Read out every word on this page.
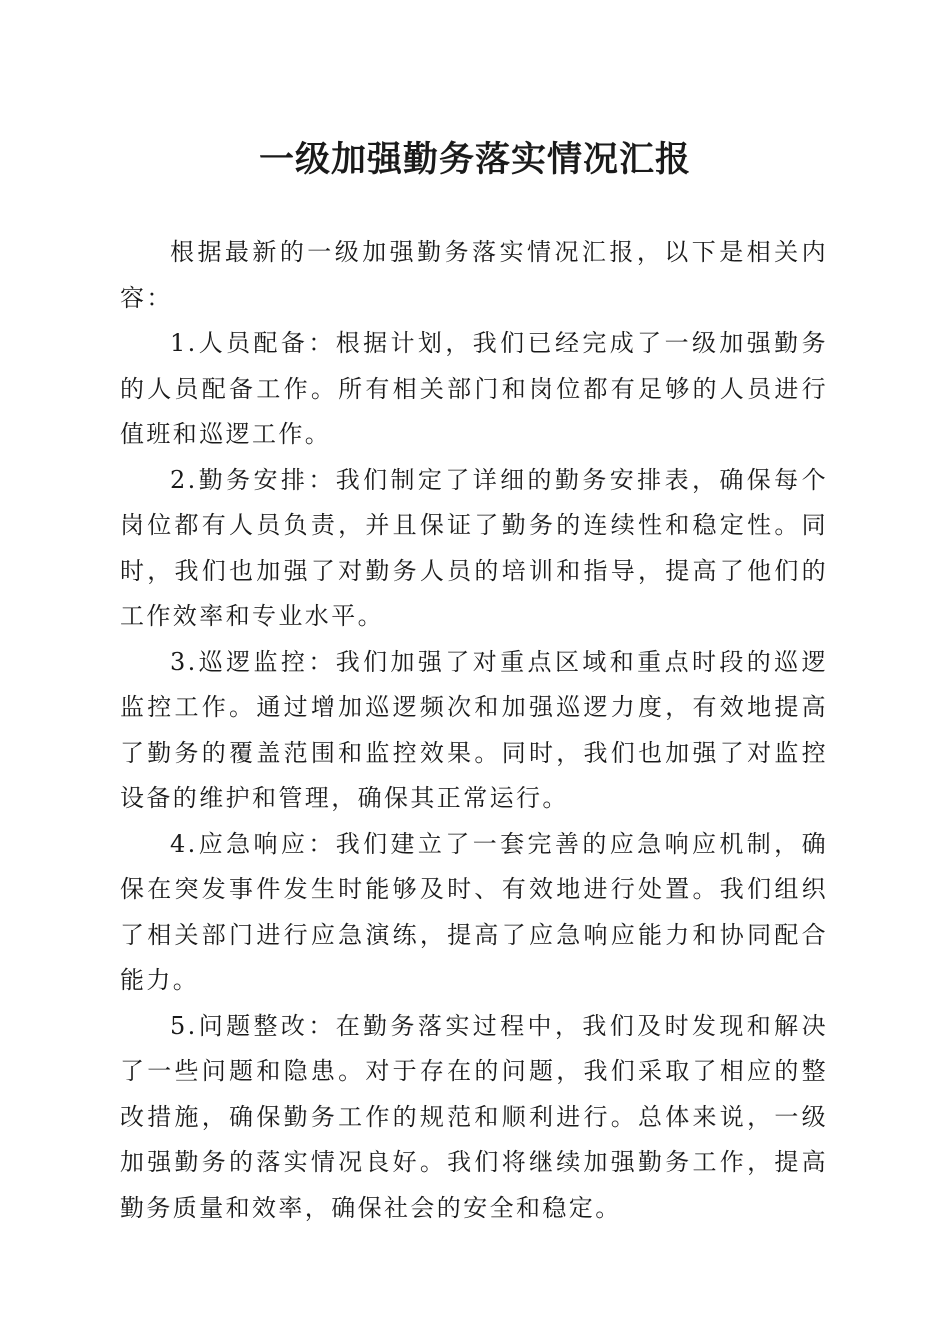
一级加强勤务落实情况汇报

根据最新的一级加强勤务落实情况汇报，以下是相关内容：

1.人员配备：根据计划，我们已经完成了一级加强勤务的人员配备工作。所有相关部门和岗位都有足够的人员进行值班和巡逻工作。

2.勤务安排：我们制定了详细的勤务安排表，确保每个岗位都有人员负责，并且保证了勤务的连续性和稳定性。同时，我们也加强了对勤务人员的培训和指导，提高了他们的工作效率和专业水平。

3.巡逻监控：我们加强了对重点区域和重点时段的巡逻监控工作。通过增加巡逻频次和加强巡逻力度，有效地提高了勤务的覆盖范围和监控效果。同时，我们也加强了对监控设备的维护和管理，确保其正常运行。

4.应急响应：我们建立了一套完善的应急响应机制，确保在突发事件发生时能够及时、有效地进行处置。我们组织了相关部门进行应急演练，提高了应急响应能力和协同配合能力。

5.问题整改：在勤务落实过程中，我们及时发现和解决了一些问题和隐患。对于存在的问题，我们采取了相应的整改措施，确保勤务工作的规范和顺利进行。总体来说，一级加强勤务的落实情况良好。我们将继续加强勤务工作，提高勤务质量和效率，确保社会的安全和稳定。
